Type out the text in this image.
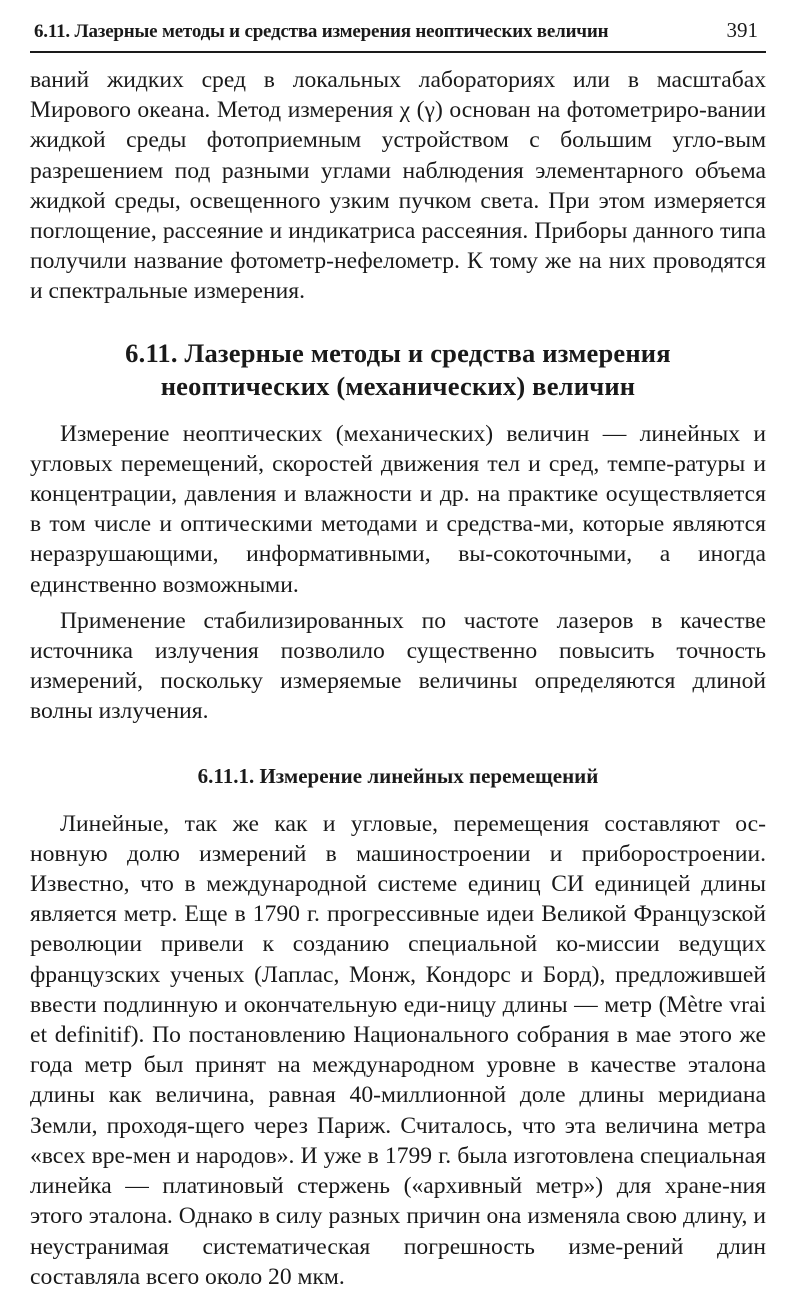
6.11. Лазерные методы и средства измерения неоптических величин	391

ваний жидких сред в локальных лабораториях или в масштабах Мирового океана. Метод измерения χ (γ) основан на фотометриро-вании жидкой среды фотоприемным устройством с большим угло-вым разрешением под разными углами наблюдения элементарного объема жидкой среды, освещенного узким пучком света. При этом измеряется поглощение, рассеяние и индикатриса рассеяния. Приборы данного типа получили название фотометр-нефелометр. К тому же на них проводятся и спектральные измерения.

6.11. Лазерные методы и средства измерения
неоптических (механических) величин

Измерение неоптических (механических) величин — линейных и угловых перемещений, скоростей движения тел и сред, темпе-ратуры и концентрации, давления и влажности и др. на практике осуществляется в том числе и оптическими методами и средства-ми, которые являются неразрушающими, информативными, вы-сокоточными, а иногда единственно возможными.

Применение стабилизированных по частоте лазеров в качестве источника излучения позволило существенно повысить точность измерений, поскольку измеряемые величины определяются длиной волны излучения.

6.11.1. Измерение линейных перемещений

Линейные, так же как и угловые, перемещения составляют ос-новную долю измерений в машиностроении и приборостроении. Известно, что в международной системе единиц СИ единицей длины является метр. Еще в 1790 г. прогрессивные идеи Великой Французской революции привели к созданию специальной ко-миссии ведущих французских ученых (Лаплас, Монж, Кондорс и Борд), предложившей ввести подлинную и окончательную еди-ницу длины — метр (Mètre vrai et definitif). По постановлению Национального собрания в мае этого же года метр был принят на международном уровне в качестве эталона длины как величина, равная 40-миллионной доле длины меридиана Земли, проходя-щего через Париж. Считалось, что эта величина метра «всех вре-мен и народов». И уже в 1799 г. была изготовлена специальная линейка — платиновый стержень («архивный метр») для хране-ния этого эталона. Однако в силу разных причин она изменяла свою длину, и неустранимая систематическая погрешность изме-рений длин составляла всего около 20 мкм.
